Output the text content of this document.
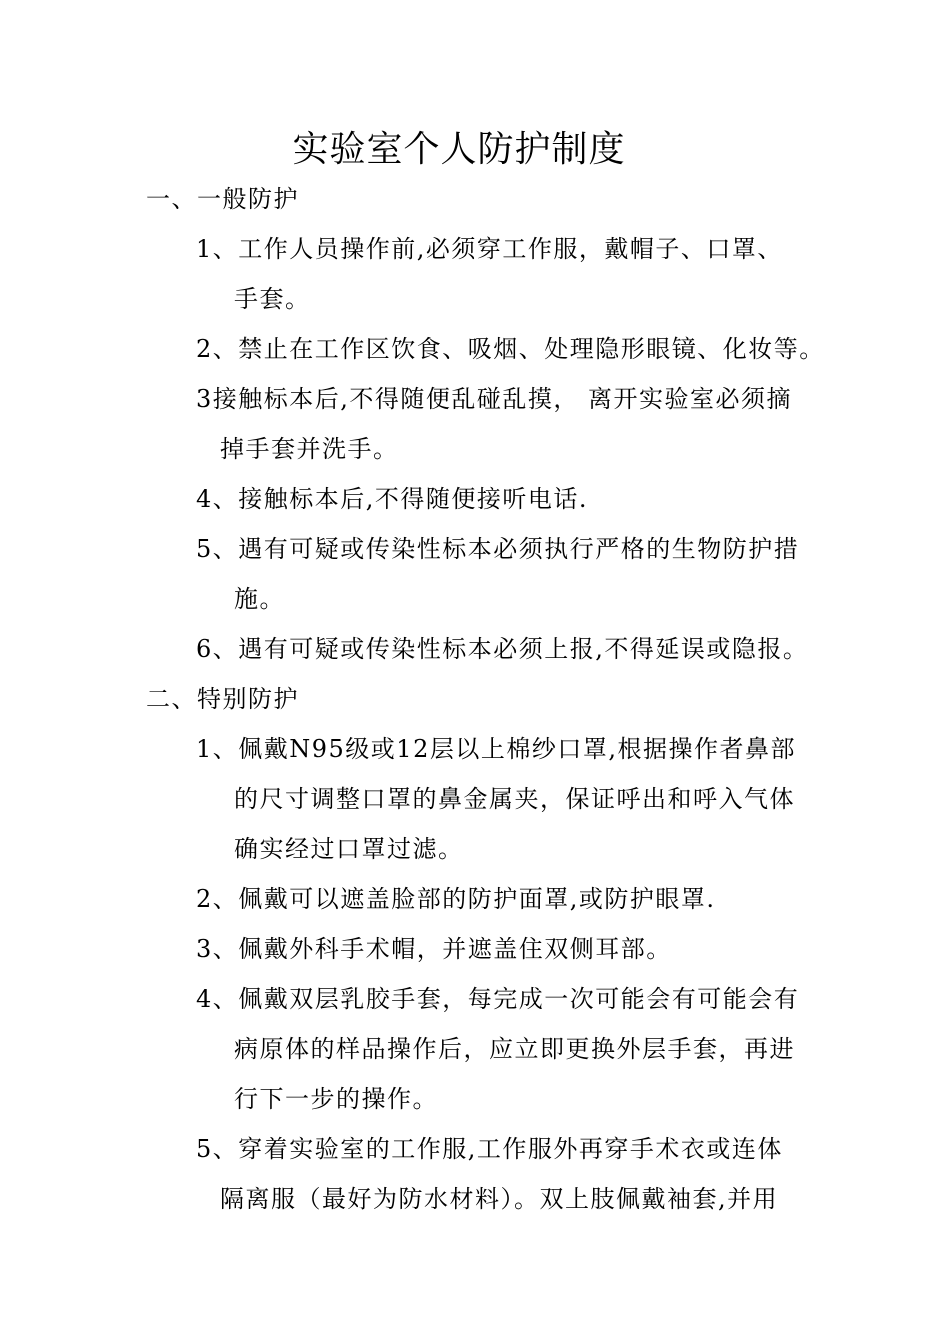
实验室个人防护制度
一、一般防护
1、工作人员操作前,必须穿工作服，戴帽子、口罩、
手套。
2、禁止在工作区饮食、吸烟、处理隐形眼镜、化妆等。
3接触标本后,不得随便乱碰乱摸， 离开实验室必须摘
掉手套并洗手。
4、接触标本后,不得随便接听电话.
5、遇有可疑或传染性标本必须执行严格的生物防护措
施。
6、遇有可疑或传染性标本必须上报,不得延误或隐报。
二、特别防护
1、佩戴N95级或12层以上棉纱口罩,根据操作者鼻部
的尺寸调整口罩的鼻金属夹，保证呼出和呼入气体
确实经过口罩过滤。
2、佩戴可以遮盖脸部的防护面罩,或防护眼罩.
3、佩戴外科手术帽，并遮盖住双侧耳部。
4、佩戴双层乳胶手套，每完成一次可能会有可能会有
病原体的样品操作后，应立即更换外层手套，再进
行下一步的操作。
5、穿着实验室的工作服,工作服外再穿手术衣或连体
隔离服（最好为防水材料）。双上肢佩戴袖套,并用
